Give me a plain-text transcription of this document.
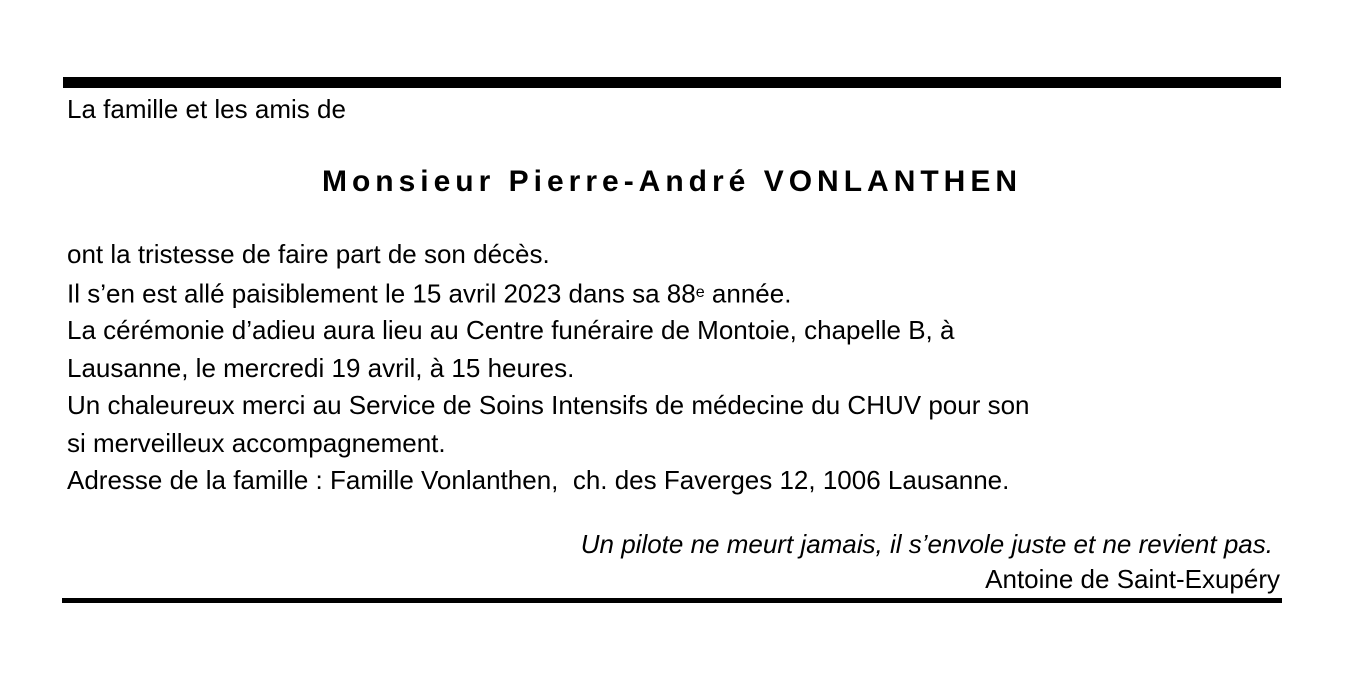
La famille et les amis de
Monsieur Pierre-André VONLANTHEN
ont la tristesse de faire part de son décès.
Il s’en est allé paisiblement le 15 avril 2023 dans sa 88e année.
La cérémonie d’adieu aura lieu au Centre funéraire de Montoie, chapelle B, à
Lausanne, le mercredi 19 avril, à 15 heures.
Un chaleureux merci au Service de Soins Intensifs de médecine du CHUV pour son
si merveilleux accompagnement.
Adresse de la famille : Famille Vonlanthen,  ch. des Faverges 12, 1006 Lausanne.
Un pilote ne meurt jamais, il s’envole juste et ne revient pas.
Antoine de Saint-Exupéry
